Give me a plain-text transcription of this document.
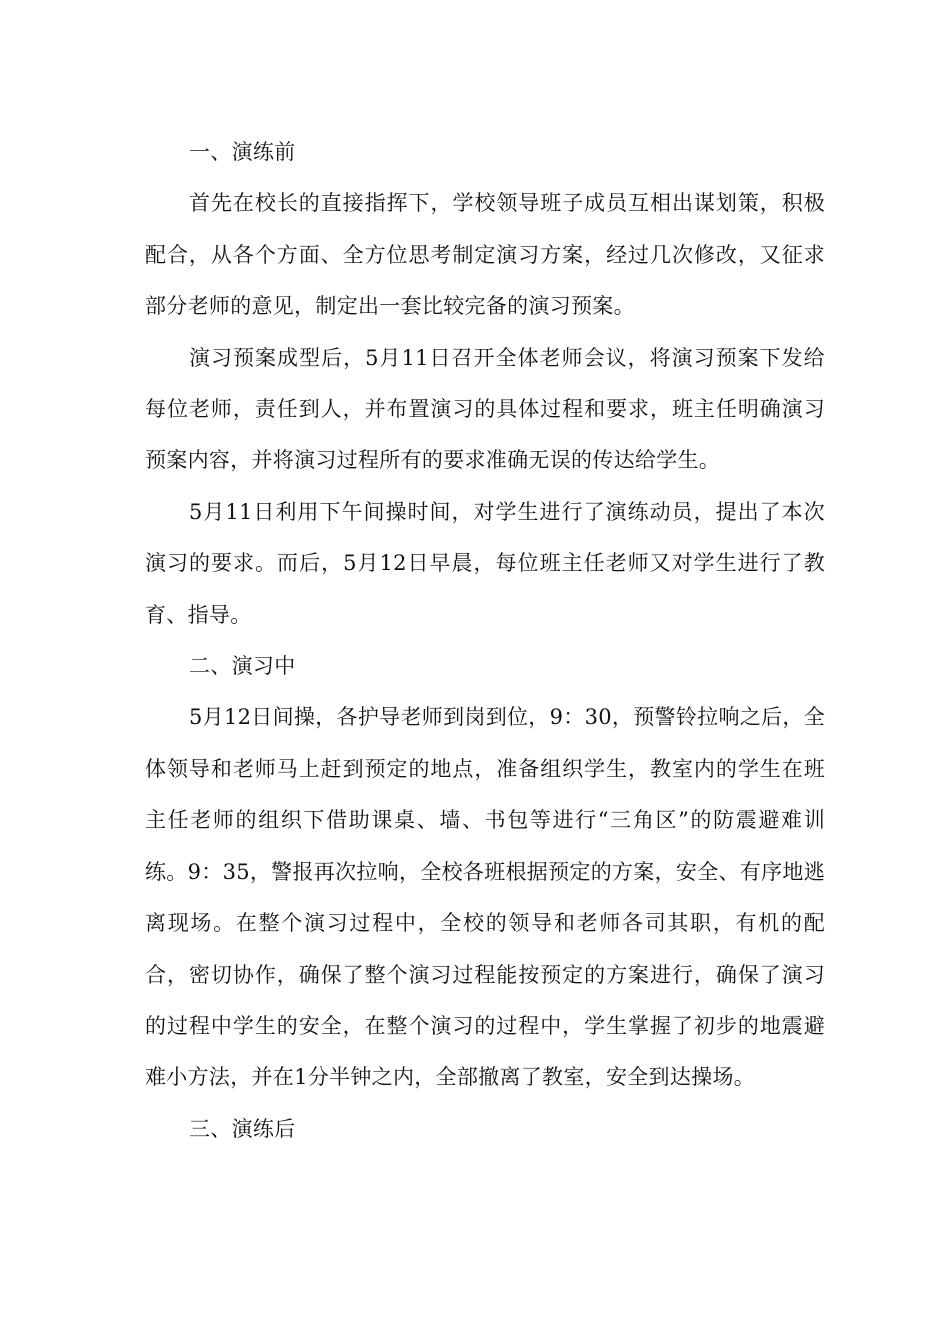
一、演练前

首先在校长的直接指挥下，学校领导班子成员互相出谋划策，积极配合，从各个方面、全方位思考制定演习方案，经过几次修改，又征求部分老师的意见，制定出一套比较完备的演习预案。

演习预案成型后，5月11日召开全体老师会议，将演习预案下发给每位老师，责任到人，并布置演习的具体过程和要求，班主任明确演习预案内容，并将演习过程所有的要求准确无误的传达给学生。

5月11日利用下午间操时间，对学生进行了演练动员，提出了本次演习的要求。而后，5月12日早晨，每位班主任老师又对学生进行了教育、指导。

二、演习中

5月12日间操，各护导老师到岗到位，9：30，预警铃拉响之后，全体领导和老师马上赶到预定的地点，准备组织学生，教室内的学生在班主任老师的组织下借助课桌、墙、书包等进行“三角区”的防震避难训练。9：35，警报再次拉响，全校各班根据预定的方案，安全、有序地逃离现场。在整个演习过程中，全校的领导和老师各司其职，有机的配合，密切协作，确保了整个演习过程能按预定的方案进行，确保了演习的过程中学生的安全，在整个演习的过程中，学生掌握了初步的地震避难小方法，并在1分半钟之内，全部撤离了教室，安全到达操场。

三、演练后
